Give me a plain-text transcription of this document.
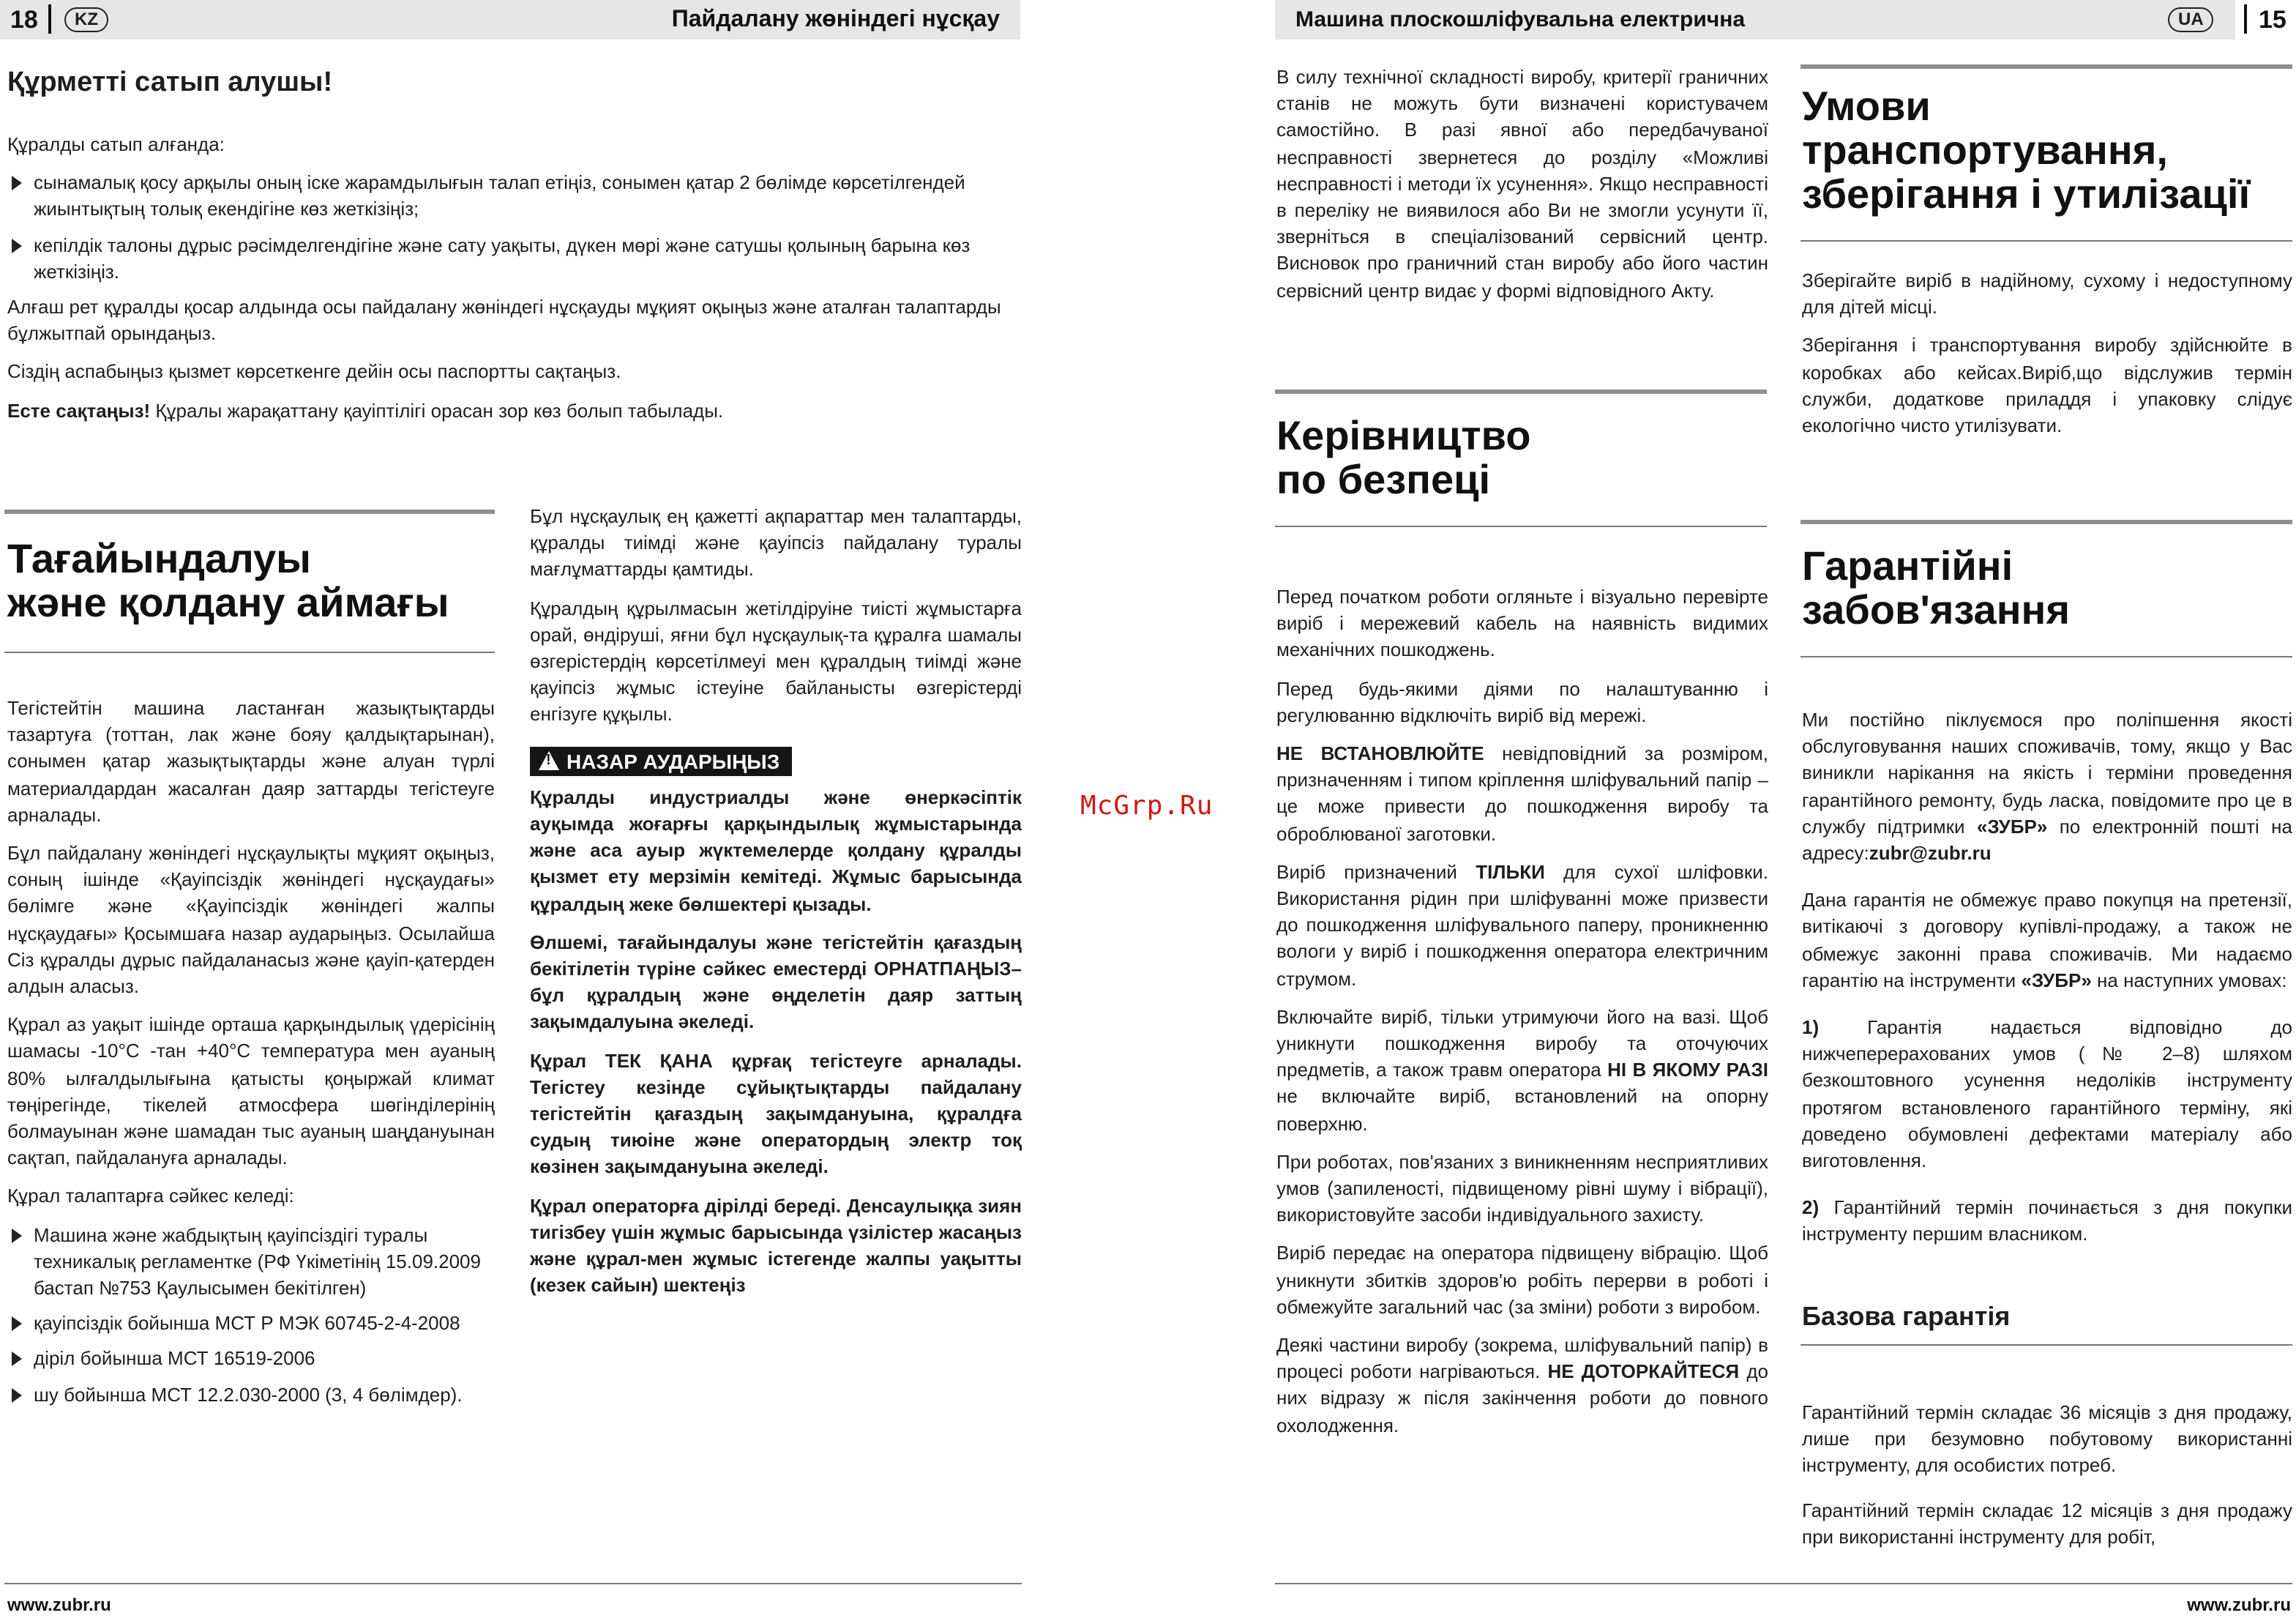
18	KZ	Пайдалану жөніндегі нұсқау
Құрметті сатып алушы!

Құралды сатып алғанда:

сынамалық қосу арқылы оның іске жарамдылығын талап етіңіз, сонымен қатар 2 бөлімде көрсетілгендей жиынтықтың толық екендігіне көз жеткізіңіз;
кепілдік талоны дұрыс рәсімделгендігіне және сату уақыты, дүкен мөрі және сатушы қолының барына көз жеткізіңіз.

Алғаш рет құралды қосар алдында осы пайдалану жөніндегі нұсқауды мұқият оқыңыз және аталған талаптарды бұлжытпай орындаңыз.

Сіздің аспабыңыз қызмет көрсеткенге дейін осы паспортты сақтаңыз.

Есте сақтаңыз! Құралы жарақаттану қауіптілігі орасан зор көз болып табылады.

Тағайындалуы
және қолдану аймағы

Тегістейтін машина ластанған жазықтықтарды тазартуға (тоттан, лак және бояу қалдықтарынан), сонымен қатар жазықтықтарды және алуан түрлі материалдардан жасалған даяр заттарды тегістеуге арналады.

Бұл пайдалану жөніндегі нұсқаулықты мұқият оқыңыз, соның ішінде «Қауіпсіздік жөніндегі нұсқаудағы» бөлімге және «Қауіпсіздік жөніндегі жалпы нұсқаудағы» Қосымшаға назар аударыңыз. Осылайша Сіз құралды дұрыс пайдаланасыз және қауіп-қатерден алдын аласыз.

Құрал аз уақыт ішінде орташа қарқындылық үдерісінің шамасы -10°C -тан +40°C температура мен ауаның 80% ылғалдылығына қатысты қоңыржай климат төңірегінде, тікелей атмосфера шөгінділерінің болмауынан және шамадан тыс ауаның шаңдануынан сақтап, пайдалануға арналады.

Құрал талаптарға сәйкес келеді:

Машина және жабдықтың қауіпсіздігі туралы техникалық регламентке (РФ Үкіметінің 15.09.2009 бастап №753 Қаулысымен бекітілген)
қауіпсіздік бойынша МСТ Р МЭК 60745-2-4-2008
діріл бойынша МСТ 16519-2006
шу бойынша МСТ 12.2.030-2000 (3, 4 бөлімдер).

Бұл нұсқаулық ең қажетті ақпараттар мен талаптарды, құралды тиімді және қауіпсіз пайдалану туралы мағлұматтарды қамтиды.

Құралдың құрылмасын жетілдіруіне тиісті жұмыстарға орай, өндіруші, яғни бұл нұсқаулық-та құралға шамалы өзгерістердің көрсетілмеуі мен құралдың тиімді және қауіпсіз жұмыс істеуіне байланысты өзгерістерді енгізуге құқылы.

! НАЗАР АУДАРЫҢЫЗ

Құралды индустриалды және өнеркәсіптік ауқымда жоғарғы қарқындылық жұмыстарында және аса ауыр жүктемелерде қолдану құралды қызмет ету мерзімін кемітеді. Жұмыс барысында құралдың жеке бөлшектері қызады.

Өлшемі, тағайындалуы және тегістейтін қағаздың бекітілетін түріне сәйкес еместерді ОРНАТПАҢЫЗ–бұл құралдың және өңделетін даяр заттың зақымдалуына әкеледі.

Құрал ТЕК ҚАНА құрғақ тегістеуге арналады. Тегістеу кезінде сұйықтықтарды пайдалану тегістейтін қағаздың зақымдануына, құралдға судың тиюіне және оператордың электр тоқ көзінен зақымдануына әкеледі.

Құрал операторға дірілді береді. Денсаулыққа зиян тигізбеу үшін жұмыс барысында үзілістер жасаңыз және құрал-мен жұмыс істегенде жалпы уақытты (кезек сайын) шектеңіз

www.zubr.ru
McGrp.Ru
Машина плоскошліфувальна електрична	UA	15

В силу технічної складності виробу, критерії граничних станів не можуть бути визначені користувачем самостійно. В разі явної або передбачуваної несправності звернетеся до розділу «Можливі несправності і методи їх усунення». Якщо несправності в переліку не виявилося або Ви не змогли усунути її, зверніться в спеціалізований сервісний центр. Висновок про граничний стан виробу або його частин сервісний центр видає у формі відповідного Акту.

Керівництво
по безпеці

Перед початком роботи огляньте і візуально перевірте виріб і мережевий кабель на наявність видимих механічних пошкоджень.

Перед будь-якими діями по налаштуванню і регулюванню відключіть виріб від мережі.

НЕ ВСТАНОВЛЮЙТЕ невідповідний за розміром, призначенням і типом кріплення шліфувальний папір – це може привести до пошкодження виробу та оброблюваної заготовки.

Виріб призначений ТІЛЬКИ для сухої шліфовки. Використання рідин при шліфуванні може призвести до пошкодження шліфувального паперу, проникненню вологи у виріб і пошкодження оператора електричним струмом.

Включайте виріб, тільки утримуючи його на вазі. Щоб уникнути пошкодження виробу та оточуючих предметів, а також травм оператора НІ В ЯКОМУ РАЗІ не включайте виріб, встановлений на опорну поверхню.

При роботах, пов'язаних з виникненням несприятливих умов (запиленості, підвищеному рівні шуму і вібрації), використовуйте засоби індивідуального захисту.

Виріб передає на оператора підвищену вібрацію. Щоб уникнути збитків здоров'ю робіть перерви в роботі і обмежуйте загальний час (за зміни) роботи з виробом.

Деякі частини виробу (зокрема, шліфувальний папір) в процесі роботи нагріваються. НЕ ДОТОРКАЙТЕСЯ до них відразу ж після закінчення роботи до повного охолодження.

Умови
транспортування,
зберігання і утилізації

Зберігайте виріб в надійному, сухому і недоступному для дітей місці.

Зберігання і транспортування виробу здійснюйте в коробках або кейсах.Виріб,що відслужив термін служби, додаткове приладдя і упаковку слідує екологічно чисто утилізувати.

Гарантійні
забов'язання

Ми постійно піклуємося про поліпшення якості обслуговування наших споживачів, тому, якщо у Вас виникли нарікання на якість і терміни проведення гарантійного ремонту, будь ласка, повідомите про це в службу підтримки «ЗУБР» по електронній пошті на адресу:zubr@zubr.ru

Дана гарантія не обмежує право покупця на претензії, витікаючі з договору купівлі-продажу, а також не обмежує законні права споживачів. Ми надаємо гарантію на інструменти «ЗУБР» на наступних умовах:

1) Гарантія надається відповідно до нижчеперерахованих умов (№ 2–8) шляхом безкоштовного усунення недоліків інструменту протягом встановленого гарантійного терміну, які доведено обумовлені дефектами матеріалу або виготовлення.

2) Гарантійний термін починається з дня покупки інструменту першим власником.

Базова гарантія

Гарантійний термін складає 36 місяців з дня продажу, лише при безумовно побутовому використанні інструменту, для особистих потреб.

Гарантійний термін складає 12 місяців з дня продажу при використанні інструменту для робіт,

www.zubr.ru
